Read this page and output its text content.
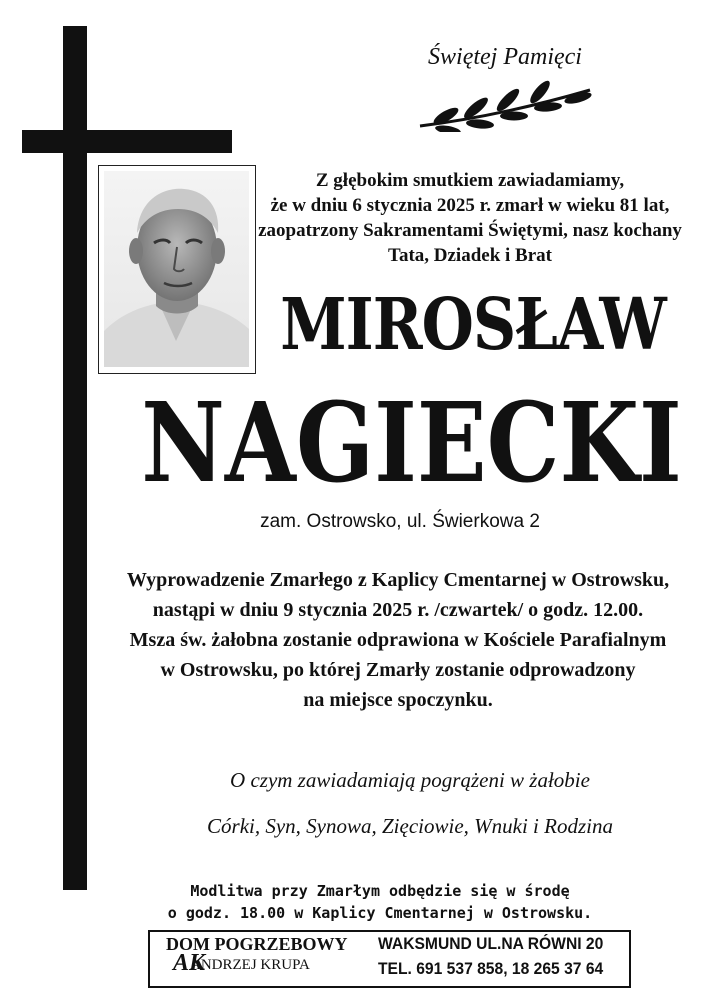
Świętej Pamięci
Z głębokim smutkiem zawiadamiamy,
że w dniu 6 stycznia 2025 r. zmarł w wieku 81 lat,
zaopatrzony Sakramentami Świętymi, nasz kochany
Tata, Dziadek i Brat
MIROSŁAW
NAGIECKI
zam. Ostrowsko, ul. Świerkowa 2
Wyprowadzenie Zmarłego z Kaplicy Cmentarnej w Ostrowsku,
nastąpi w dniu 9 stycznia 2025 r. /czwartek/ o godz. 12.00.
Msza św. żałobna zostanie odprawiona w Kościele Parafialnym
w Ostrowsku, po której Zmarły zostanie odprowadzony
na miejsce spoczynku.
O czym zawiadamiają pogrążeni w żałobie
Córki, Syn, Synowa, Zięciowie, Wnuki i Rodzina
Modlitwa przy Zmarłym odbędzie się w środę
o godz. 18.00 w Kaplicy Cmentarnej w Ostrowsku.
DOM POGRZEBOWY
AK
ANDRZEJ KRUPA
WAKSMUND UL.NA RÓWNI 20
TEL. 691 537 858, 18 265 37 64
